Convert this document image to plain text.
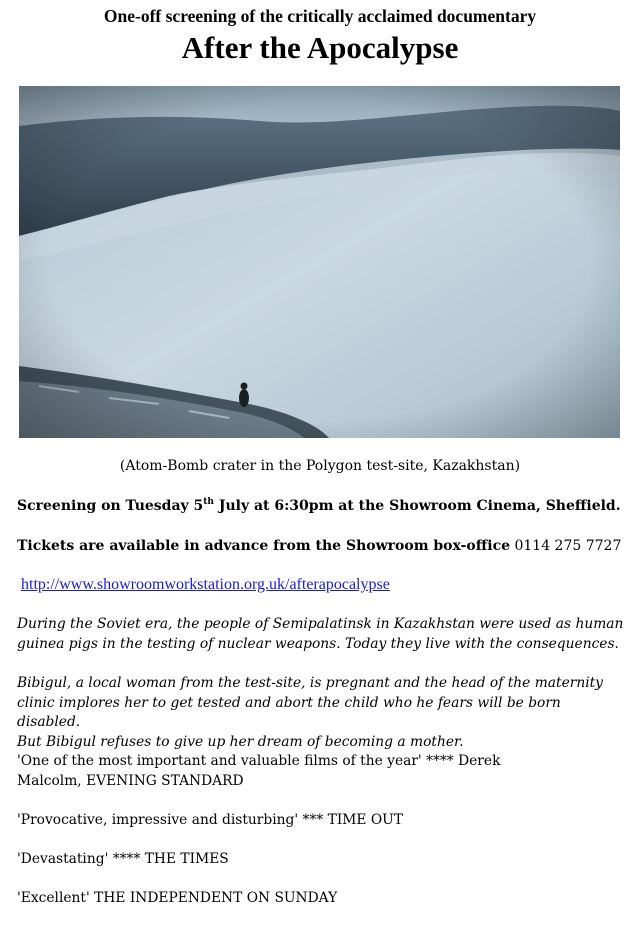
One-off screening of the critically acclaimed documentary
After the Apocalypse
(Atom-Bomb crater in the Polygon test-site, Kazakhstan)
Screening on Tuesday 5th July at 6:30pm at the Showroom Cinema, Sheffield.
Tickets are available in advance from the Showroom box-office 0114 275 7727
http://www.showroomworkstation.org.uk/afterapocalypse
During the Soviet era, the people of Semipalatinsk in Kazakhstan were used as human
guinea pigs in the testing of nuclear weapons. Today they live with the consequences.
Bibigul, a local woman from the test-site, is pregnant and the head of the maternity
clinic implores her to get tested and abort the child who he fears will be born disabled.
But Bibigul refuses to give up her dream of becoming a mother.
'One of the most important and valuable films of the year' **** Derek
Malcolm, EVENING STANDARD
'Provocative, impressive and disturbing' *** TIME OUT
'Devastating' **** THE TIMES
'Excellent' THE INDEPENDENT ON SUNDAY
